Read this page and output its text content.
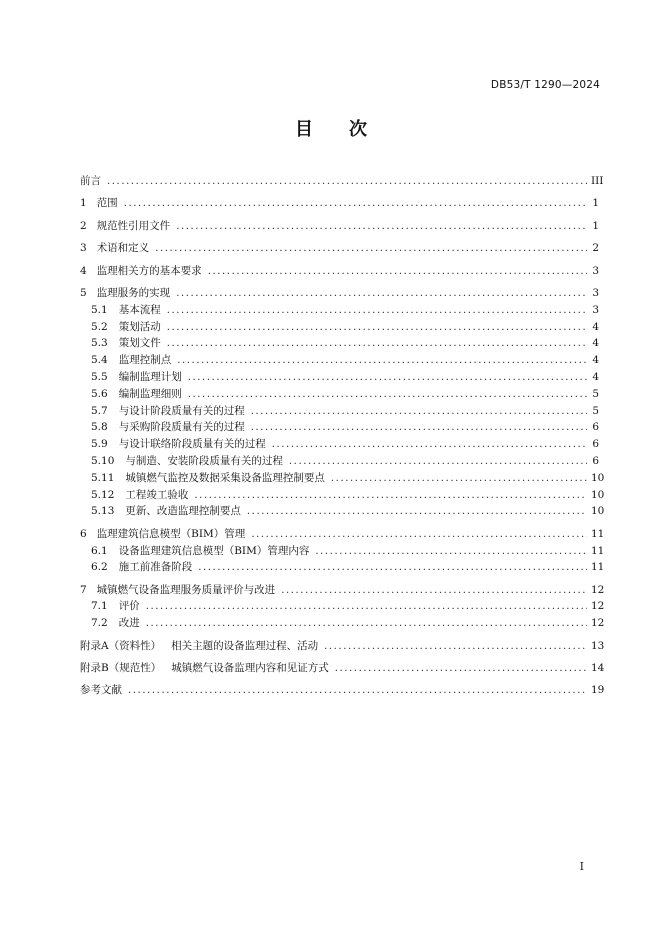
DB53/T 1290—2024
目 次
前言 .....	III
1 范围 .....	1
2 规范性引用文件 .....	1
3 术语和定义 .....	2
4 监理相关方的基本要求 .....	3
5 监理服务的实现 .....	3
5.1 基本流程 .....	3
5.2 策划活动 .....	4
5.3 策划文件 .....	4
5.4 监理控制点 .....	4
5.5 编制监理计划 .....	4
5.6 编制监理细则 .....	5
5.7 与设计阶段质量有关的过程 .....	5
5.8 与采购阶段质量有关的过程 .....	6
5.9 与设计联络阶段质量有关的过程 .....	6
5.10 与制造、安装阶段质量有关的过程 .....	6
5.11 城镇燃气监控及数据采集设备监理控制要点 .....	10
5.12 工程竣工验收 .....	10
5.13 更新、改造监理控制要点 .....	10
6 监理建筑信息模型（BIM）管理 .....	11
6.1 设备监理建筑信息模型（BIM）管理内容 .....	11
6.2 施工前准备阶段 .....	11
7 城镇燃气设备监理服务质量评价与改进 .....	12
7.1 评价 .....	12
7.2 改进 .....	12
附录A（资料性） 相关主题的设备监理过程、活动 .....	13
附录B（规范性） 城镇燃气设备监理内容和见证方式 .....	14
参考文献 .....	19
I
